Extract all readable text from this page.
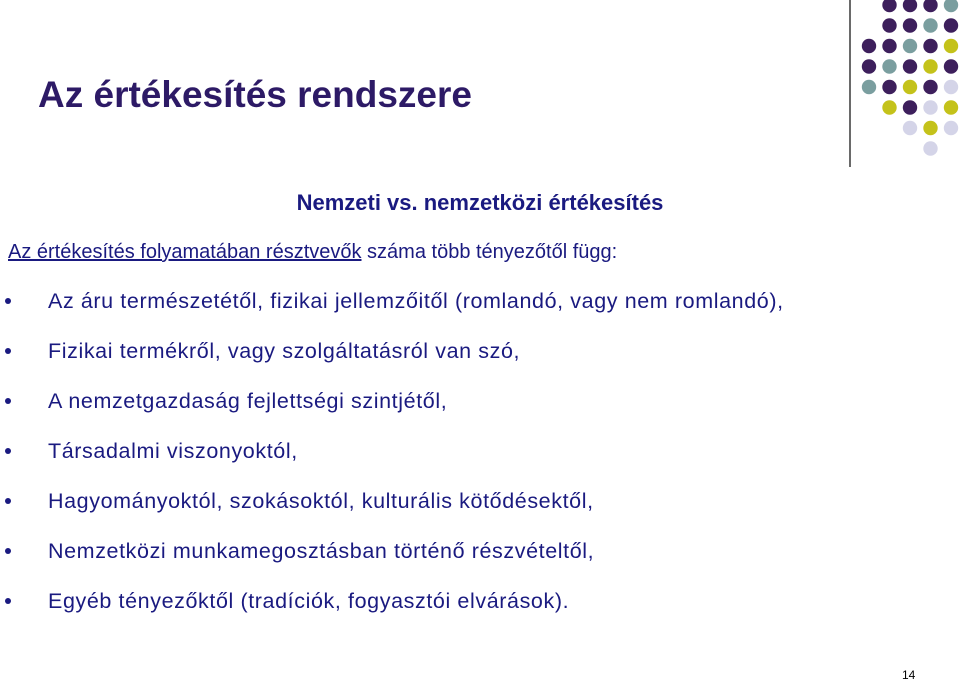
Az értékesítés rendszere
Nemzeti vs. nemzetközi értékesítés
Az értékesítés folyamatában résztvevők száma több tényezőtől függ:
Az áru természetétől, fizikai jellemzőitől (romlandó, vagy nem romlandó),
Fizikai termékről, vagy szolgáltatásról van szó,
A nemzetgazdaság fejlettségi szintjétől,
Társadalmi viszonyoktól,
Hagyományoktól, szokásoktól, kulturális kötődésektől,
Nemzetközi munkamegosztásban történő részvételtől,
Egyéb tényezőktől (tradíciók, fogyasztói elvárások).
14
